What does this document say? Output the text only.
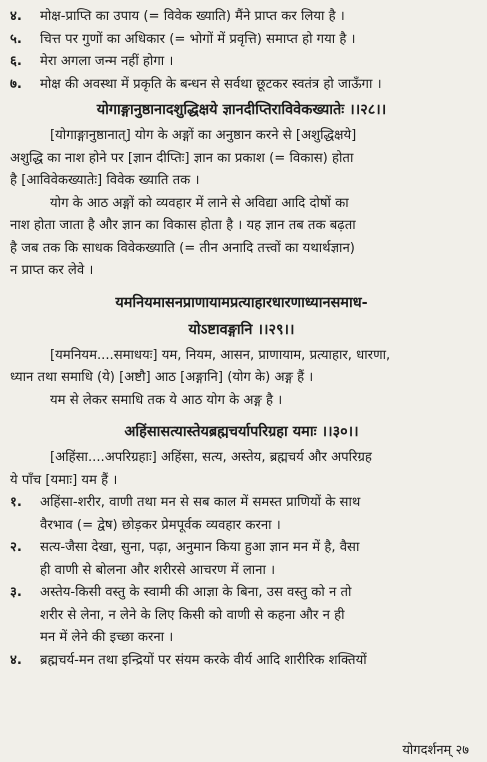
४. मोक्ष-प्राप्ति का उपाय (= विवेक ख्याति) मैंने प्राप्त कर लिया है ।
५. चित्त पर गुणों का अधिकार (= भोगों में प्रवृत्ति) समाप्त हो गया है ।
६. मेरा अगला जन्म नहीं होगा ।
७. मोक्ष की अवस्था में प्रकृति के बन्धन से सर्वथा छूटकर स्वतंत्र हो जाऊँगा ।
योगाङ्गानुष्ठानादशुद्धिक्षये ज्ञानदीप्तिराविवेकख्यातेः ।।२८।।
[योगाङ्गानुष्ठानात्] योग के अङ्गों का अनुष्ठान करने से [अशुद्धिक्षये]
अशुद्धि का नाश होने पर [ज्ञान दीप्तिः] ज्ञान का प्रकाश (= विकास) होता
है [आविवेकख्यातेः] विवेक ख्याति तक ।
योग के आठ अङ्गों को व्यवहार में लाने से अविद्या आदि दोषों का
नाश होता जाता है और ज्ञान का विकास होता है । यह ज्ञान तब तक बढ़ता
है जब तक कि साधक विवेकख्याति (= तीन अनादि तत्त्वों का यथार्थज्ञान)
न प्राप्त कर लेवे ।
यमनियमासनप्राणायामप्रत्याहारधारणाध्यानसमाध-
योऽष्टावङ्गानि ।।२९।।
[यमनियम....समाधयः] यम, नियम, आसन, प्राणायाम, प्रत्याहार, धारणा,
ध्यान तथा समाधि (ये) [अष्टौ] आठ [अङ्गानि] (योग के) अङ्ग हैं ।
यम से लेकर समाधि तक ये आठ योग के अङ्ग है ।
अहिंसासत्यास्तेयब्रह्मचर्यापरिग्रहा यमाः ।।३०।।
[अहिंसा....अपरिग्रहाः] अहिंसा, सत्य, अस्तेय, ब्रह्मचर्य और अपरिग्रह
ये पाँच [यमाः] यम हैं ।
१. अहिंसा-शरीर, वाणी तथा मन से सब काल में समस्त प्राणियों के साथ
वैरभाव (= द्वेष) छोड़कर प्रेमपूर्वक व्यवहार करना ।
२. सत्य-जैसा देखा, सुना, पढ़ा, अनुमान किया हुआ ज्ञान मन में है, वैसा
ही वाणी से बोलना और शरीरसे आचरण में लाना ।
३. अस्तेय-किसी वस्तु के स्वामी की आज्ञा के बिना, उस वस्तु को न तो
शरीर से लेना, न लेने के लिए किसी को वाणी से कहना और न ही
मन में लेने की इच्छा करना ।
४. ब्रह्मचर्य-मन तथा इन्द्रियों पर संयम करके वीर्य आदि शारीरिक शक्तियों
योगदर्शनम् २७
